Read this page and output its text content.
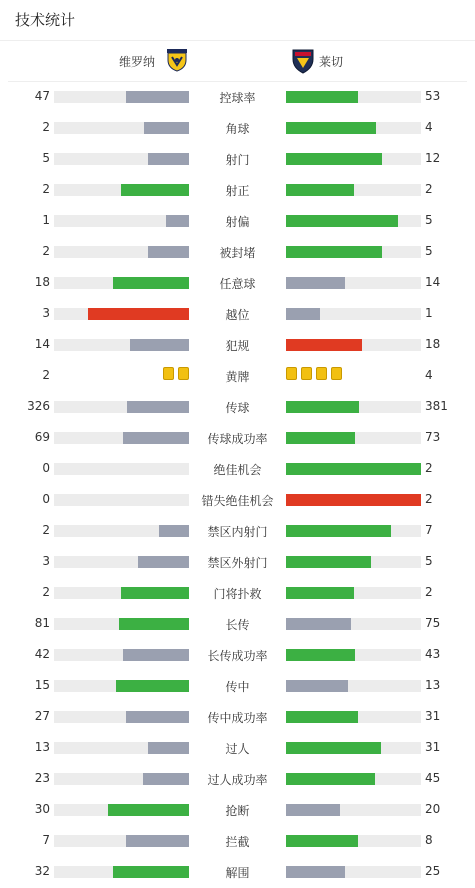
技术统计
维罗纳	莱切
47	控球率	53
2	角球	4
5	射门	12
2	射正	2
1	射偏	5
2	被封堵	5
18	任意球	14
3	越位	1
14	犯规	18
2	黄牌	4
326	传球	381
69	传球成功率	73
0	绝佳机会	2
0	错失绝佳机会	2
2	禁区内射门	7
3	禁区外射门	5
2	门将扑救	2
81	长传	75
42	长传成功率	43
15	传中	13
27	传中成功率	31
13	过人	31
23	过人成功率	45
30	抢断	20
7	拦截	8
32	解围	25
